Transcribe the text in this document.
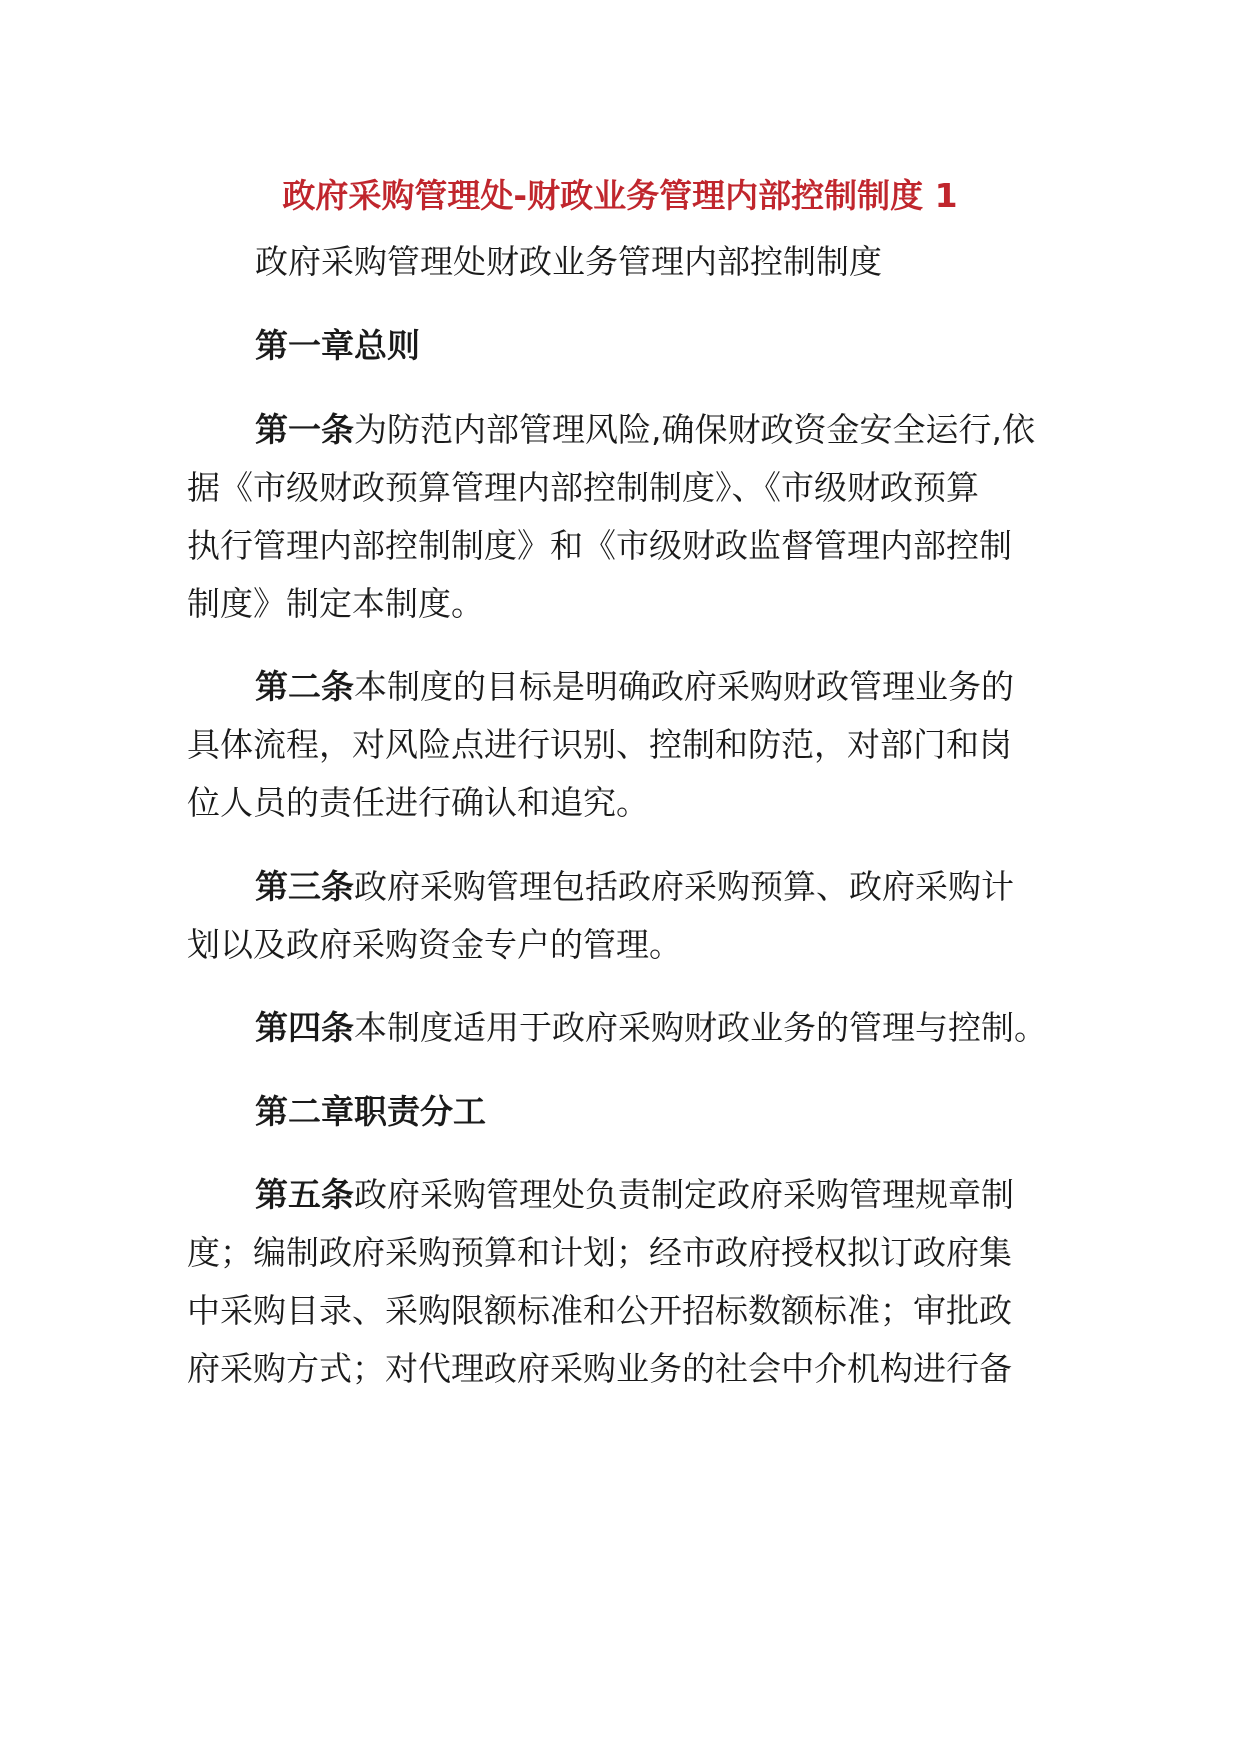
政府采购管理处-财政业务管理内部控制制度 1
政府采购管理处财政业务管理内部控制制度
第一章总则
第一条为防范内部管理风险,确保财政资金安全运行,依
据《市级财政预算管理内部控制制度》、《市级财政预算
执行管理内部控制制度》和《市级财政监督管理内部控制
制度》制定本制度。
第二条本制度的目标是明确政府采购财政管理业务的
具体流程，对风险点进行识别、控制和防范，对部门和岗
位人员的责任进行确认和追究。
第三条政府采购管理包括政府采购预算、政府采购计
划以及政府采购资金专户的管理。
第四条本制度适用于政府采购财政业务的管理与控制。
第二章职责分工
第五条政府采购管理处负责制定政府采购管理规章制
度；编制政府采购预算和计划；经市政府授权拟订政府集
中采购目录、采购限额标准和公开招标数额标准；审批政
府采购方式；对代理政府采购业务的社会中介机构进行备
